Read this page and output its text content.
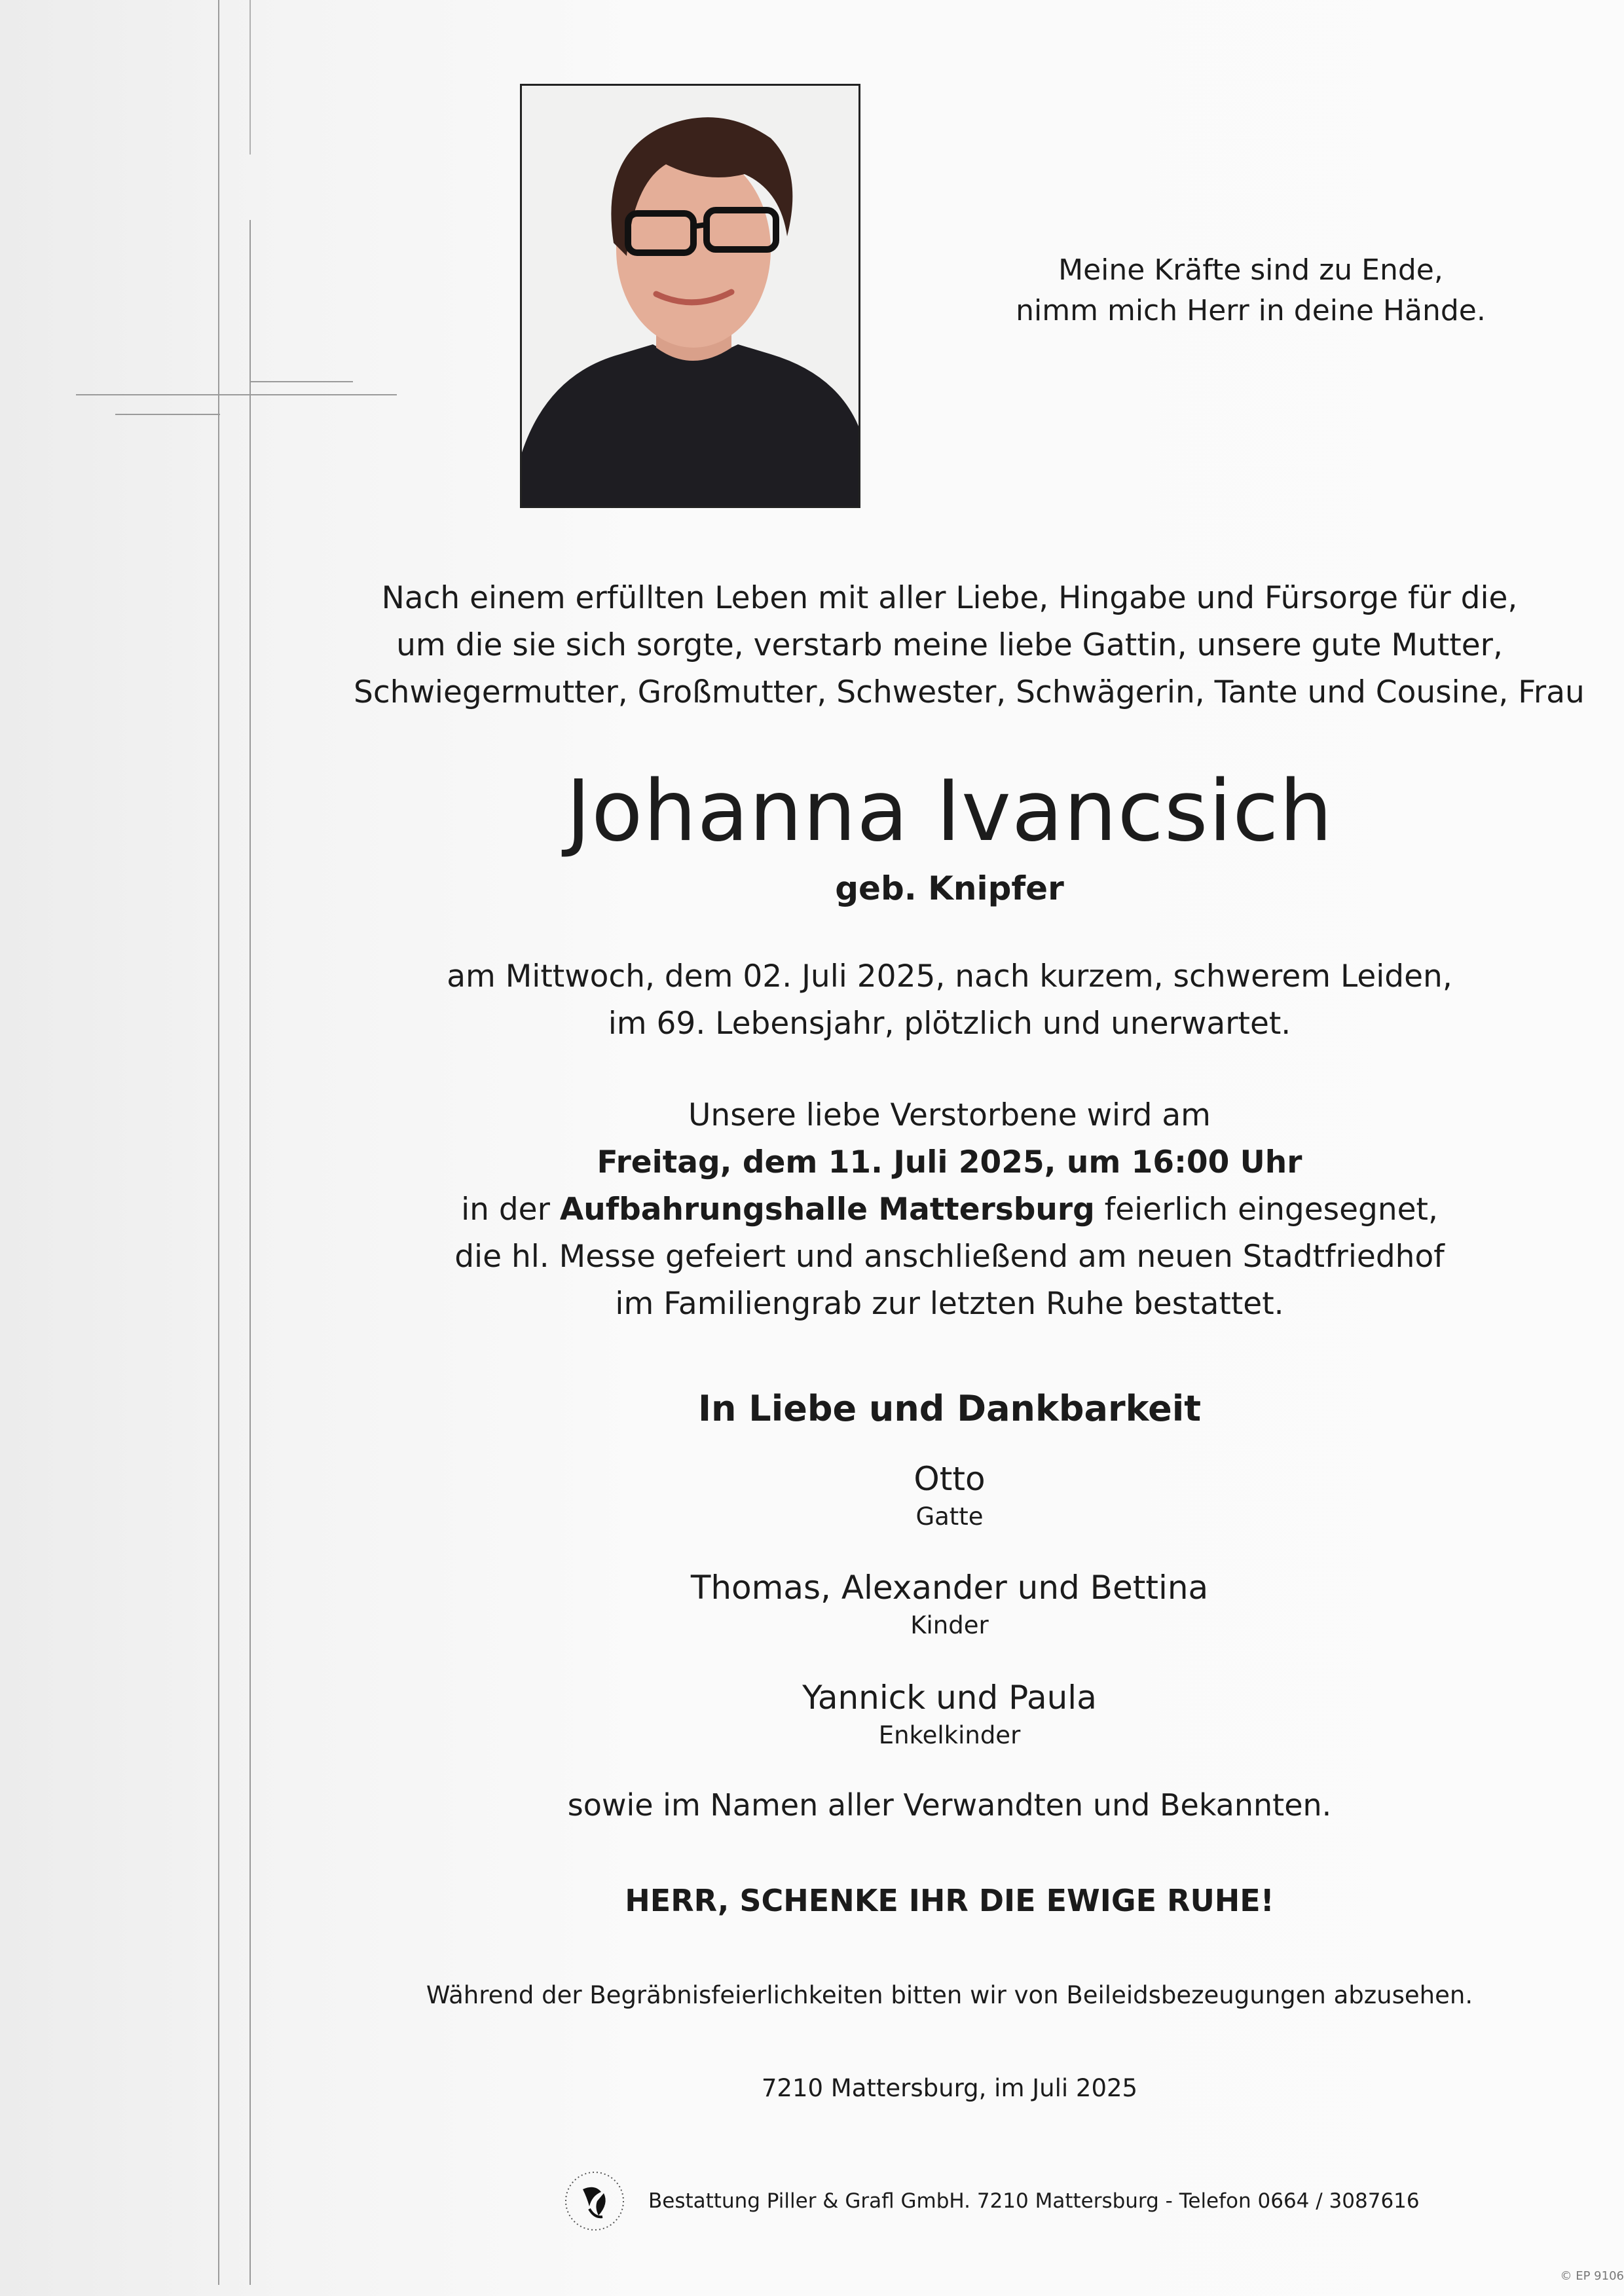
Meine Kräfte sind zu Ende,
nimm mich Herr in deine Hände.
Nach einem erfüllten Leben mit aller Liebe, Hingabe und Fürsorge für die,
um die sie sich sorgte, verstarb meine liebe Gattin, unsere gute Mutter,
Schwiegermutter, Großmutter, Schwester, Schwägerin, Tante und Cousine, Frau
Johanna Ivancsich
geb. Knipfer
am Mittwoch, dem 02. Juli 2025, nach kurzem, schwerem Leiden,
im 69. Lebensjahr, plötzlich und unerwartet.
Unsere liebe Verstorbene wird am
Freitag, dem 11. Juli 2025, um 16:00 Uhr
in der Aufbahrungshalle Mattersburg feierlich eingesegnet,
die hl. Messe gefeiert und anschließend am neuen Stadtfriedhof
im Familiengrab zur letzten Ruhe bestattet.
In Liebe und Dankbarkeit
Otto
Gatte
Thomas, Alexander und Bettina
Kinder
Yannick und Paula
Enkelkinder
sowie im Namen aller Verwandten und Bekannten.
HERR, SCHENKE IHR DIE EWIGE RUHE!
Während der Begräbnisfeierlichkeiten bitten wir von Beileidsbezeugungen abzusehen.
7210 Mattersburg, im Juli 2025
Bestattung Piller & Grafl GmbH. 7210 Mattersburg - Telefon 0664 / 3087616
© EP 9106
